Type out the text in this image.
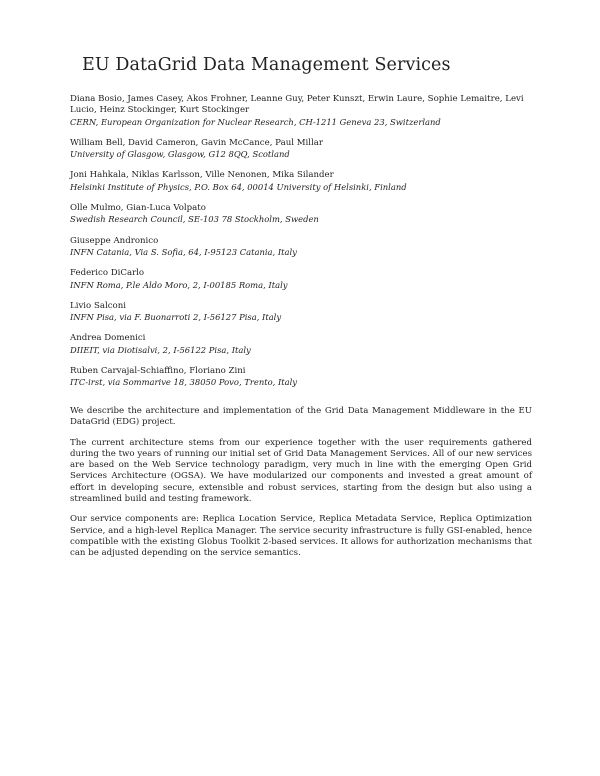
EU DataGrid Data Management Services
Diana Bosio, James Casey, Akos Frohner, Leanne Guy, Peter Kunszt, Erwin Laure, Sophie Lemaitre, Levi Lucio, Heinz Stockinger, Kurt Stockinger
CERN, European Organization for Nuclear Research, CH-1211 Geneva 23, Switzerland
William Bell, David Cameron, Gavin McCance, Paul Millar
University of Glasgow, Glasgow, G12 8QQ, Scotland
Joni Hahkala, Niklas Karlsson, Ville Nenonen, Mika Silander
Helsinki Institute of Physics, P.O. Box 64, 00014 University of Helsinki, Finland
Olle Mulmo, Gian-Luca Volpato
Swedish Research Council, SE-103 78 Stockholm, Sweden
Giuseppe Andronico
INFN Catania, Via S. Sofia, 64, I-95123 Catania, Italy
Federico DiCarlo
INFN Roma, P.le Aldo Moro, 2, I-00185 Roma, Italy
Livio Salconi
INFN Pisa, via F. Buonarroti 2, I-56127 Pisa, Italy
Andrea Domenici
DIIEIT, via Diotisalvi, 2, I-56122 Pisa, Italy
Ruben Carvajal-Schiaffino, Floriano Zini
ITC-irst, via Sommarive 18, 38050 Povo, Trento, Italy

We describe the architecture and implementation of the Grid Data Management Middleware in the EU DataGrid (EDG) project.

The current architecture stems from our experience together with the user requirements gathered during the two years of running our initial set of Grid Data Management Services. All of our new services are based on the Web Service technology paradigm, very much in line with the emerging Open Grid Services Architecture (OGSA). We have modularized our components and invested a great amount of effort in developing secure, extensible and robust services, starting from the design but also using a streamlined build and testing framework.

Our service components are: Replica Location Service, Replica Metadata Service, Replica Optimization Service, and a high-level Replica Manager. The service security infrastructure is fully GSI-enabled, hence compatible with the existing Globus Toolkit 2-based services. It allows for authorization mechanisms that can be adjusted depending on the service semantics.
